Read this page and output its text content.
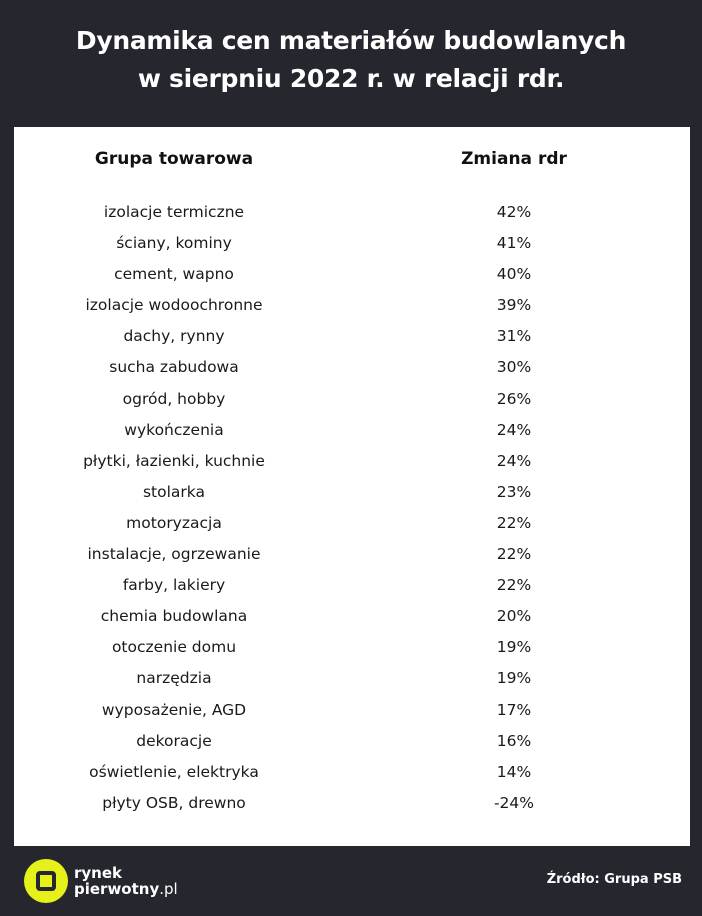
Dynamika cen materiałów budowlanych
w sierpniu 2022 r. w relacji rdr.
Grupa towarowa	Zmiana rdr
izolacje termiczne	42%
ściany, kominy	41%
cement, wapno	40%
izolacje wodoochronne	39%
dachy, rynny	31%
sucha zabudowa	30%
ogród, hobby	26%
wykończenia	24%
płytki, łazienki, kuchnie	24%
stolarka	23%
motoryzacja	22%
instalacje, ogrzewanie	22%
farby, lakiery	22%
chemia budowlana	20%
otoczenie domu	19%
narzędzia	19%
wyposażenie, AGD	17%
dekoracje	16%
oświetlenie, elektryka	14%
płyty OSB, drewno	-24%
rynek
pierwotny.pl
Źródło: Grupa PSB
